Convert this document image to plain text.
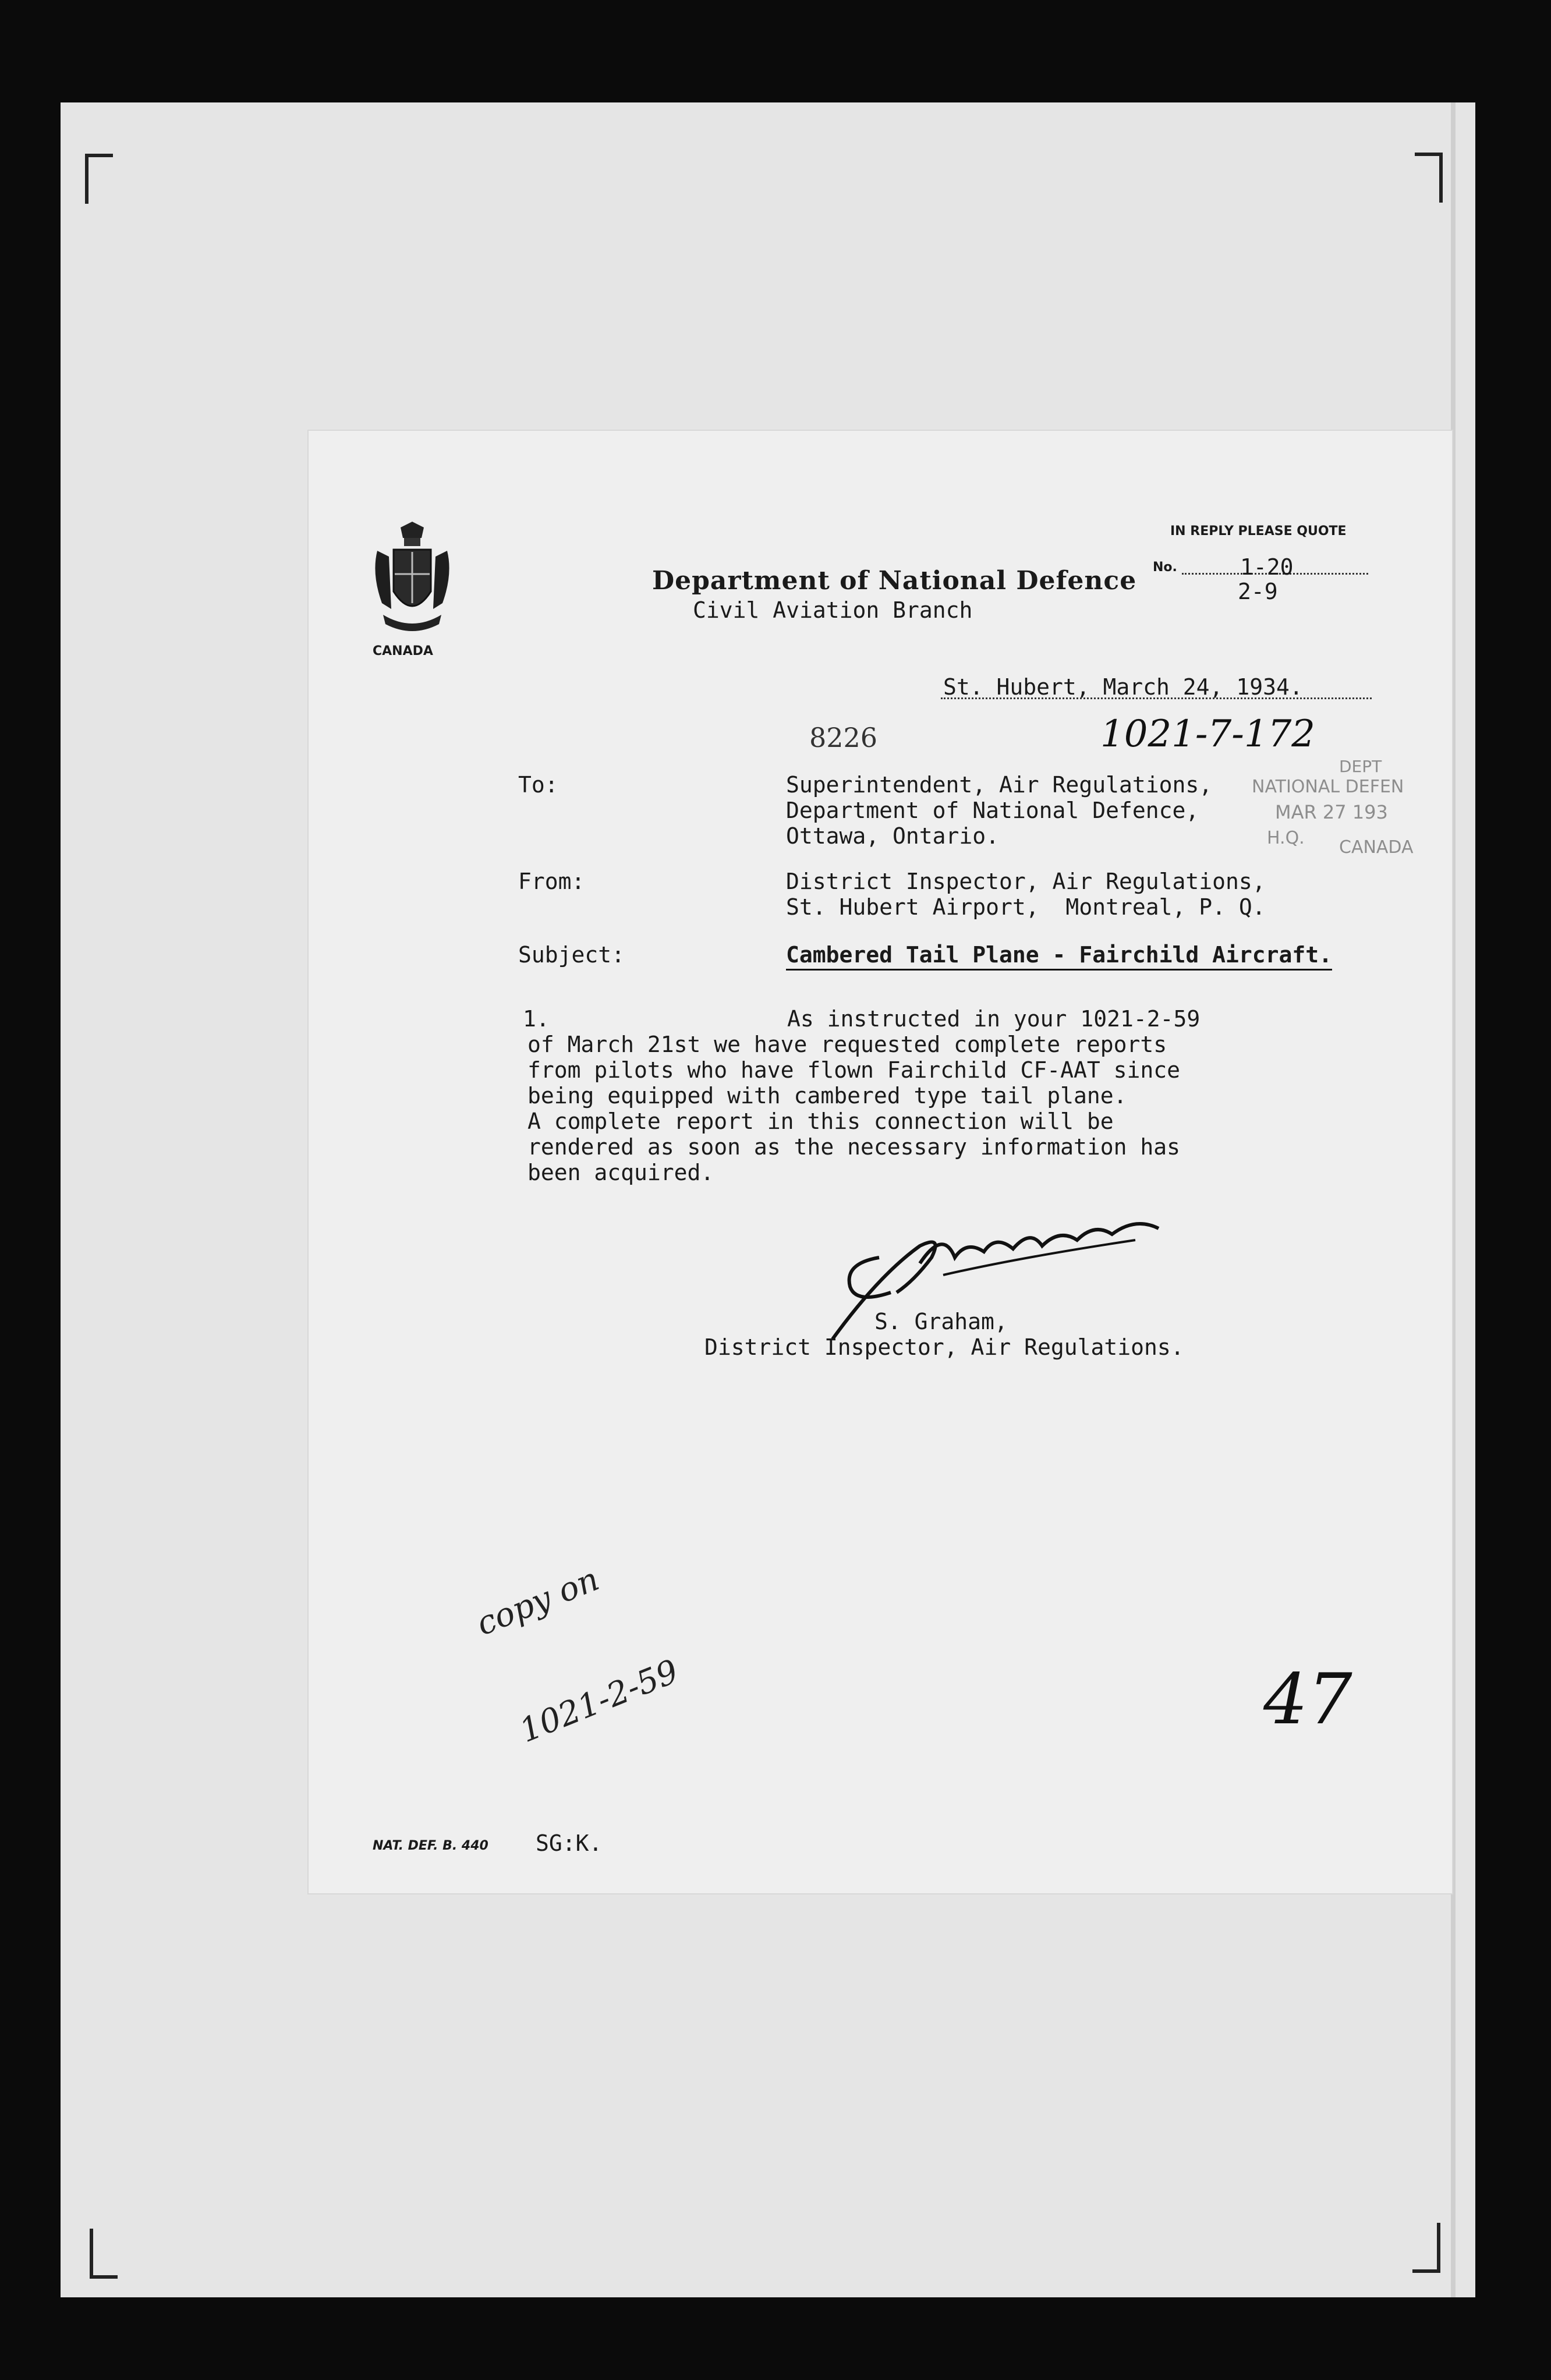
CANADA
Department of National Defence
Civil Aviation Branch
IN REPLY PLEASE QUOTE
No.	1-20
2-9
St. Hubert, March 24, 1934.
8226	1021-7-172
DEPT
NATIONAL DEFEN
MAR 27 193
H.Q. CANADA
To:	Superintendent, Air Regulations,
Department of National Defence,
Ottawa, Ontario.
From:	District Inspector, Air Regulations,
St. Hubert Airport,  Montreal, P. Q.
Subject:	Cambered Tail Plane - Fairchild Aircraft.
1.	As instructed in your 1021-2-59
of March 21st we have requested complete reports
from pilots who have flown Fairchild CF-AAT since
being equipped with cambered type tail plane.
A complete report in this connection will be
rendered as soon as the necessary information has
been acquired.
S. Graham,
District Inspector, Air Regulations.

copy on

1021-2-59

	47
NAT. DEF. B. 440 SG:K.
